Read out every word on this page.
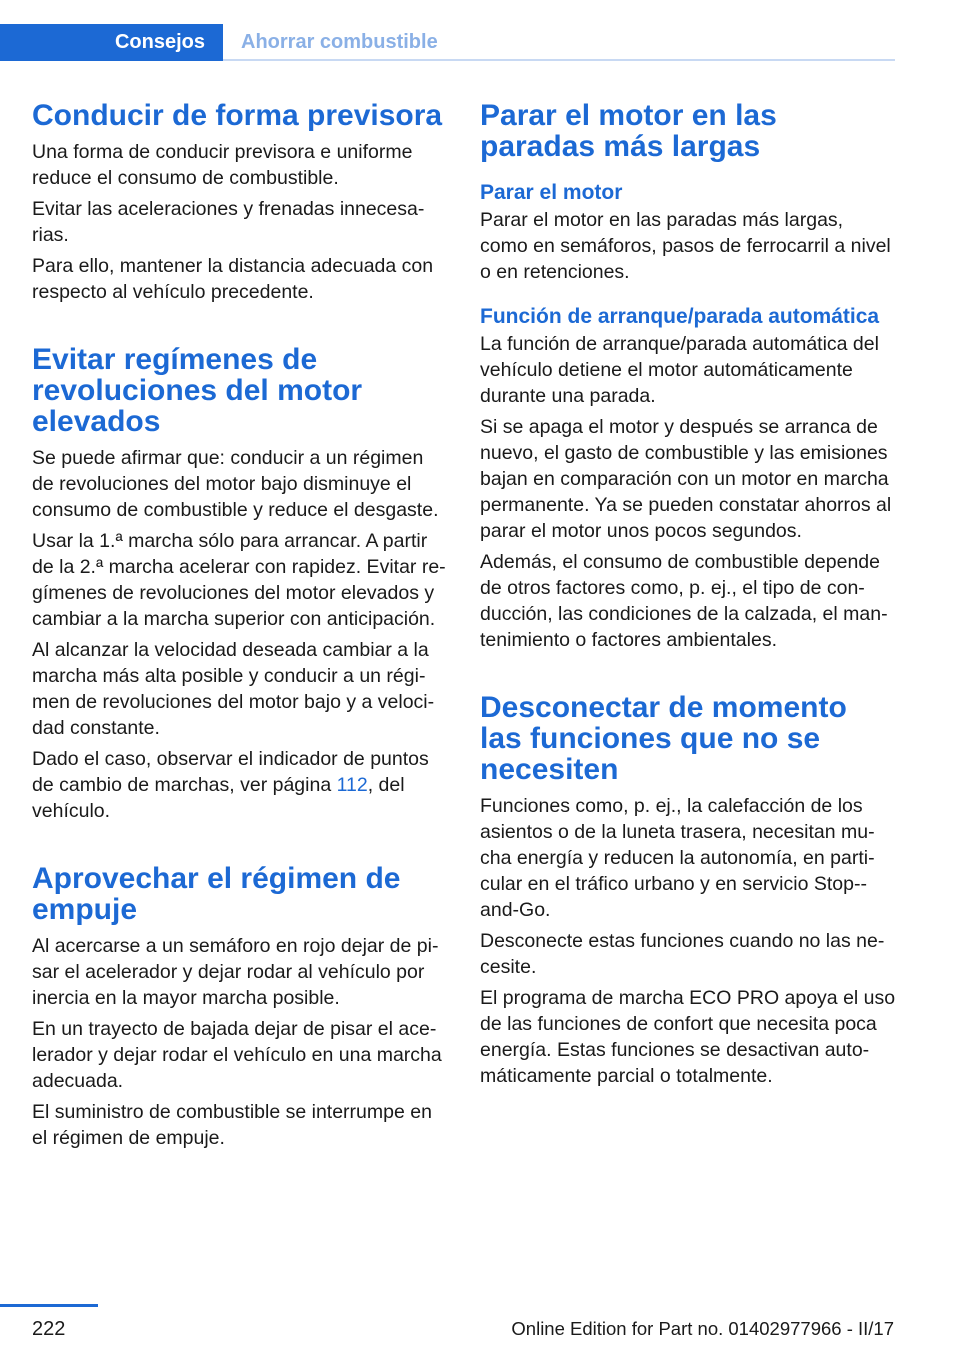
Consejos	Ahorrar combustible
Conducir de forma previsora

Una forma de conducir previsora e uniforme reduce el consumo de combustible.

Evitar las aceleraciones y frenadas innecesarias.

Para ello, mantener la distancia adecuada con respecto al vehículo precedente.

Evitar regímenes de revoluciones del motor elevados

Se puede afirmar que: conducir a un régimen de revoluciones del motor bajo disminuye el consumo de combustible y reduce el desgaste.

Usar la 1.ª marcha sólo para arrancar. A partir de la 2.ª marcha acelerar con rapidez. Evitar regímenes de revoluciones del motor elevados y cambiar a la marcha superior con anticipación.

Al alcanzar la velocidad deseada cambiar a la marcha más alta posible y conducir a un régimen de revoluciones del motor bajo y a velocidad constante.

Dado el caso, observar el indicador de puntos de cambio de marchas, ver página 112, del vehículo.

Aprovechar el régimen de empuje

Al acercarse a un semáforo en rojo dejar de pisar el acelerador y dejar rodar al vehículo por inercia en la mayor marcha posible.

En un trayecto de bajada dejar de pisar el acelerador y dejar rodar el vehículo en una marcha adecuada.

El suministro de combustible se interrumpe en el régimen de empuje.

Parar el motor en las paradas más largas
Parar el motor

Parar el motor en las paradas más largas, como en semáforos, pasos de ferrocarril a nivel o en retenciones.

Función de arranque/parada automática

La función de arranque/parada automática del vehículo detiene el motor automáticamente durante una parada.

Si se apaga el motor y después se arranca de nuevo, el gasto de combustible y las emisiones bajan en comparación con un motor en marcha permanente. Ya se pueden constatar ahorros al parar el motor unos pocos segundos.

Además, el consumo de combustible depende de otros factores como, p. ej., el tipo de conducción, las condiciones de la calzada, el mantenimiento o factores ambientales.

Desconectar de momento las funciones que no se necesiten

Funciones como, p. ej., la calefacción de los asientos o de la luneta trasera, necesitan mucha energía y reducen la autonomía, en particular en el tráfico urbano y en servicio Stop-and-Go.

Desconecte estas funciones cuando no las necesite.

El programa de marcha ECO PRO apoya el uso de las funciones de confort que necesita poca energía. Estas funciones se desactivan automáticamente parcial o totalmente.

222	Online Edition for Part no. 01402977966 - II/17
